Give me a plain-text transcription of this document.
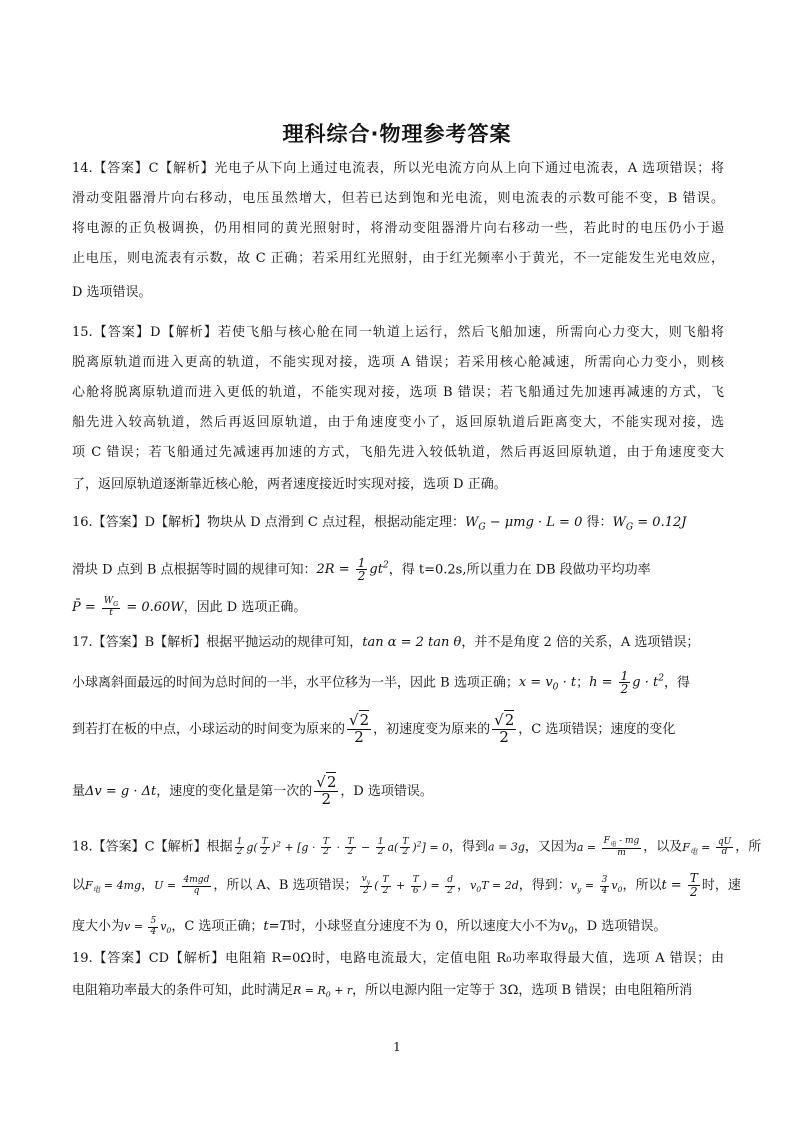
理科综合·物理参考答案
14.【答案】C【解析】光电子从下向上通过电流表，所以光电流方向从上向下通过电流表，A 选项错误；将
滑动变阻器滑片向右移动，电压虽然增大，但若已达到饱和光电流，则电流表的示数可能不变，B 错误。
将电源的正负极调换，仍用相同的黄光照射时，将滑动变阻器滑片向右移动一些，若此时的电压仍小于遏
止电压，则电流表有示数，故 C 正确；若采用红光照射，由于红光频率小于黄光，不一定能发生光电效应，
D 选项错误。
15.【答案】D【解析】若使飞船与核心舱在同一轨道上运行，然后飞船加速，所需向心力变大，则飞船将
脱离原轨道而进入更高的轨道，不能实现对接，选项 A 错误；若采用核心舱减速，所需向心力变小，则核
心舱将脱离原轨道而进入更低的轨道，不能实现对接，选项 B 错误；若飞船通过先加速再减速的方式，飞
船先进入较高轨道，然后再返回原轨道，由于角速度变小了，返回原轨道后距离变大，不能实现对接，选
项 C 错误；若飞船通过先减速再加速的方式，飞船先进入较低轨道，然后再返回原轨道，由于角速度变大
了，返回原轨道逐渐靠近核心舱，两者速度接近时实现对接，选项 D 正确。
16.【答案】D【解析】物块从 D 点滑到 C 点过程，根据动能定理：$W_G - \mu mg \cdot L = 0$ 得：$W_G = 0.12J$
滑块 D 点到 B 点根据等时圆的规律可知：$2R = \frac{1}{2} gt^2$，得 t=0.2s,所以重力在 DB 段做功平均功率
P̄ = $\frac{W_G}{t} = 0.60W$，因此 D 选项正确。
17.【答案】B【解析】根据平抛运动的规律可知，tan α = 2 tan θ，并不是角度 2 倍的关系，A 选项错误；
小球离斜面最远的时间为总时间的一半，水平位移为一半，因此 B 选项正确；$x = v_0 \cdot t$；$h = \frac{1}{2}$ $g \cdot t^2$，得
到若打在板的中点，小球运动的时间变为原来的 $\frac{√2}{2}$ ，初速度变为原来的 $\frac{√2}{2}$ ，C 选项错误；速度的变化
量Δv = g · Δt，速度的变化量是第一次的 $\frac{√2}{2}$ ，D 选项错误。
18.【答案】C【解析】根据 $\frac{1}{2} g( \frac{T}{2} )^2 + [g \cdot \frac{T}{2} \cdot \frac{T}{2} - \frac{1}{2} a( \frac{T}{2} )^2] = 0$，得到a = 3g，又因为$a = \frac{F_电 - mg}{m}$ ，以及$F_电 = \frac{qU}{d}$ ，所
以$F_电 = 4mg$，$U = \frac{\text{4mgd}}{q}$ ，所以 A、B 选项错误； $\frac{v_y}{2}$ ( $\frac{T}{2} + \frac{T}{6}$ ) = $\frac{d}{2}$ ，$v_0T = 2d$，得到：$v_y = \frac{3}{4} v_0$，所以$t = \frac{T}{2}$ 时，速
度大小为$v = \frac{5}{4} v_0$，C 选项正确；t=T时，小球竖直分速度不为 0，所以速度大小不为$v_0$，D 选项错误。
19.【答案】CD【解析】电阻箱 R=0Ω时，电路电流最大，定值电阻 R₀功率取得最大值，选项 A 错误；由
电阻箱功率最大的条件可知，此时满足$R = R_0 + r$，所以电源内阻一定等于 3Ω，选项 B 错误；由电阻箱所消
1
